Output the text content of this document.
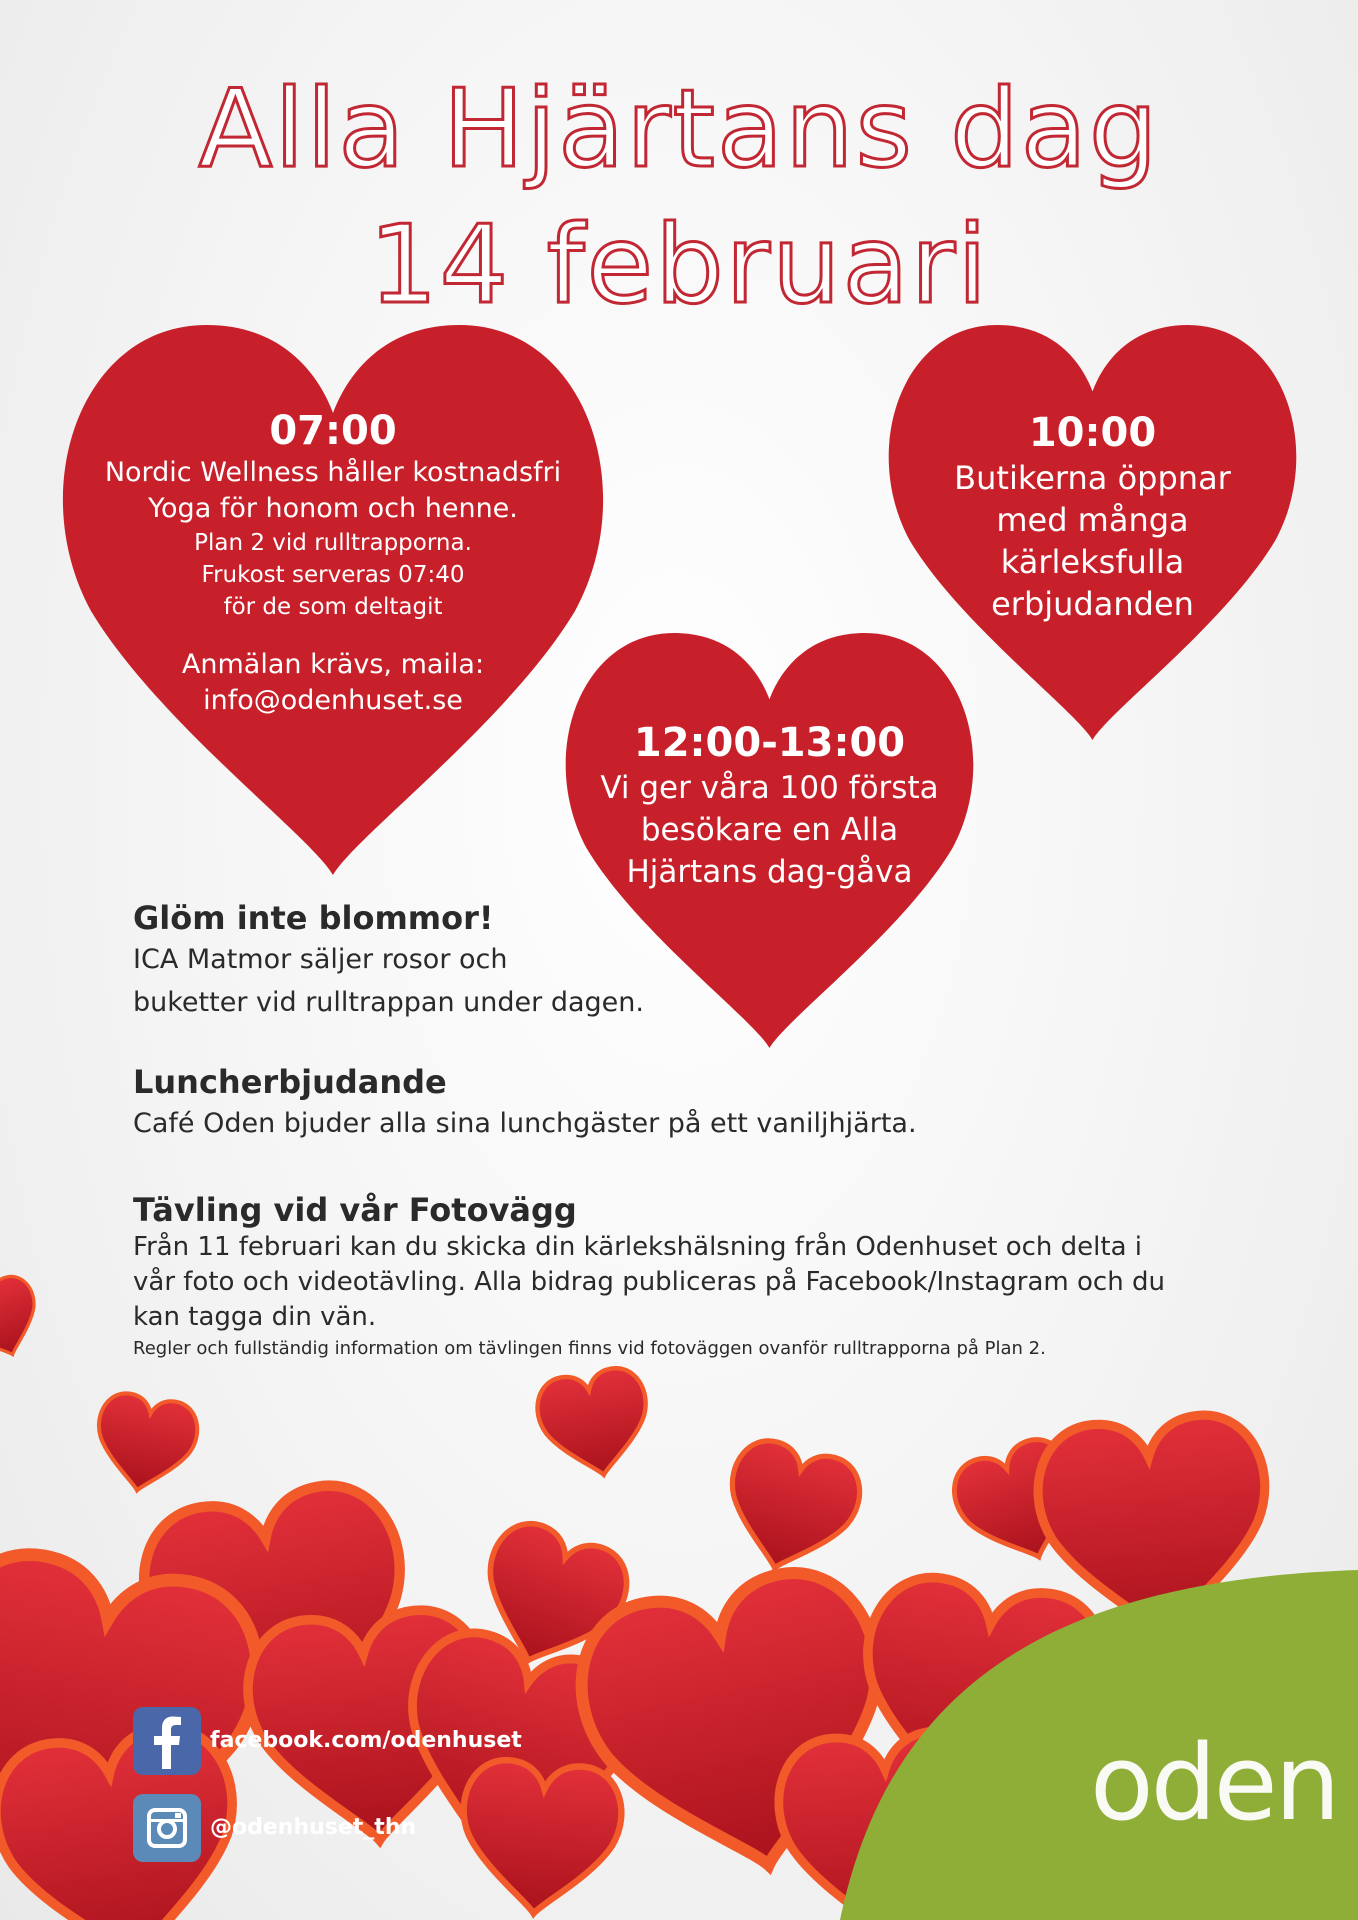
Alla Hjärtans dag
14 februari
07:00
Nordic Wellness håller kostnadsfri
Yoga för honom och henne.
Plan 2 vid rulltrapporna.
Frukost serveras 07:40
för de som deltagit
Anmälan krävs, maila:
info@odenhuset.se
10:00
Butikerna öppnar
med många
kärleksfulla
erbjudanden
12:00-13:00
Vi ger våra 100 första
besökare en Alla
Hjärtans dag-gåva
Glöm inte blommor!

ICA Matmor säljer rosor och

buketter vid rulltrappan under dagen.

Luncherbjudande

Café Oden bjuder alla sina lunchgäster på ett vaniljhjärta.

Tävling vid vår Fotovägg

Från 11 februari kan du skicka din kärlekshälsning från Odenhuset och delta i

vår foto och videotävling. Alla bidrag publiceras på Facebook/Instagram och du

kan tagga din vän.

Regler och fullständig information om tävlingen finns vid fotoväggen ovanför rulltrapporna på Plan 2.

facebook.com/odenhuset
@odenhuset_thn	oden
